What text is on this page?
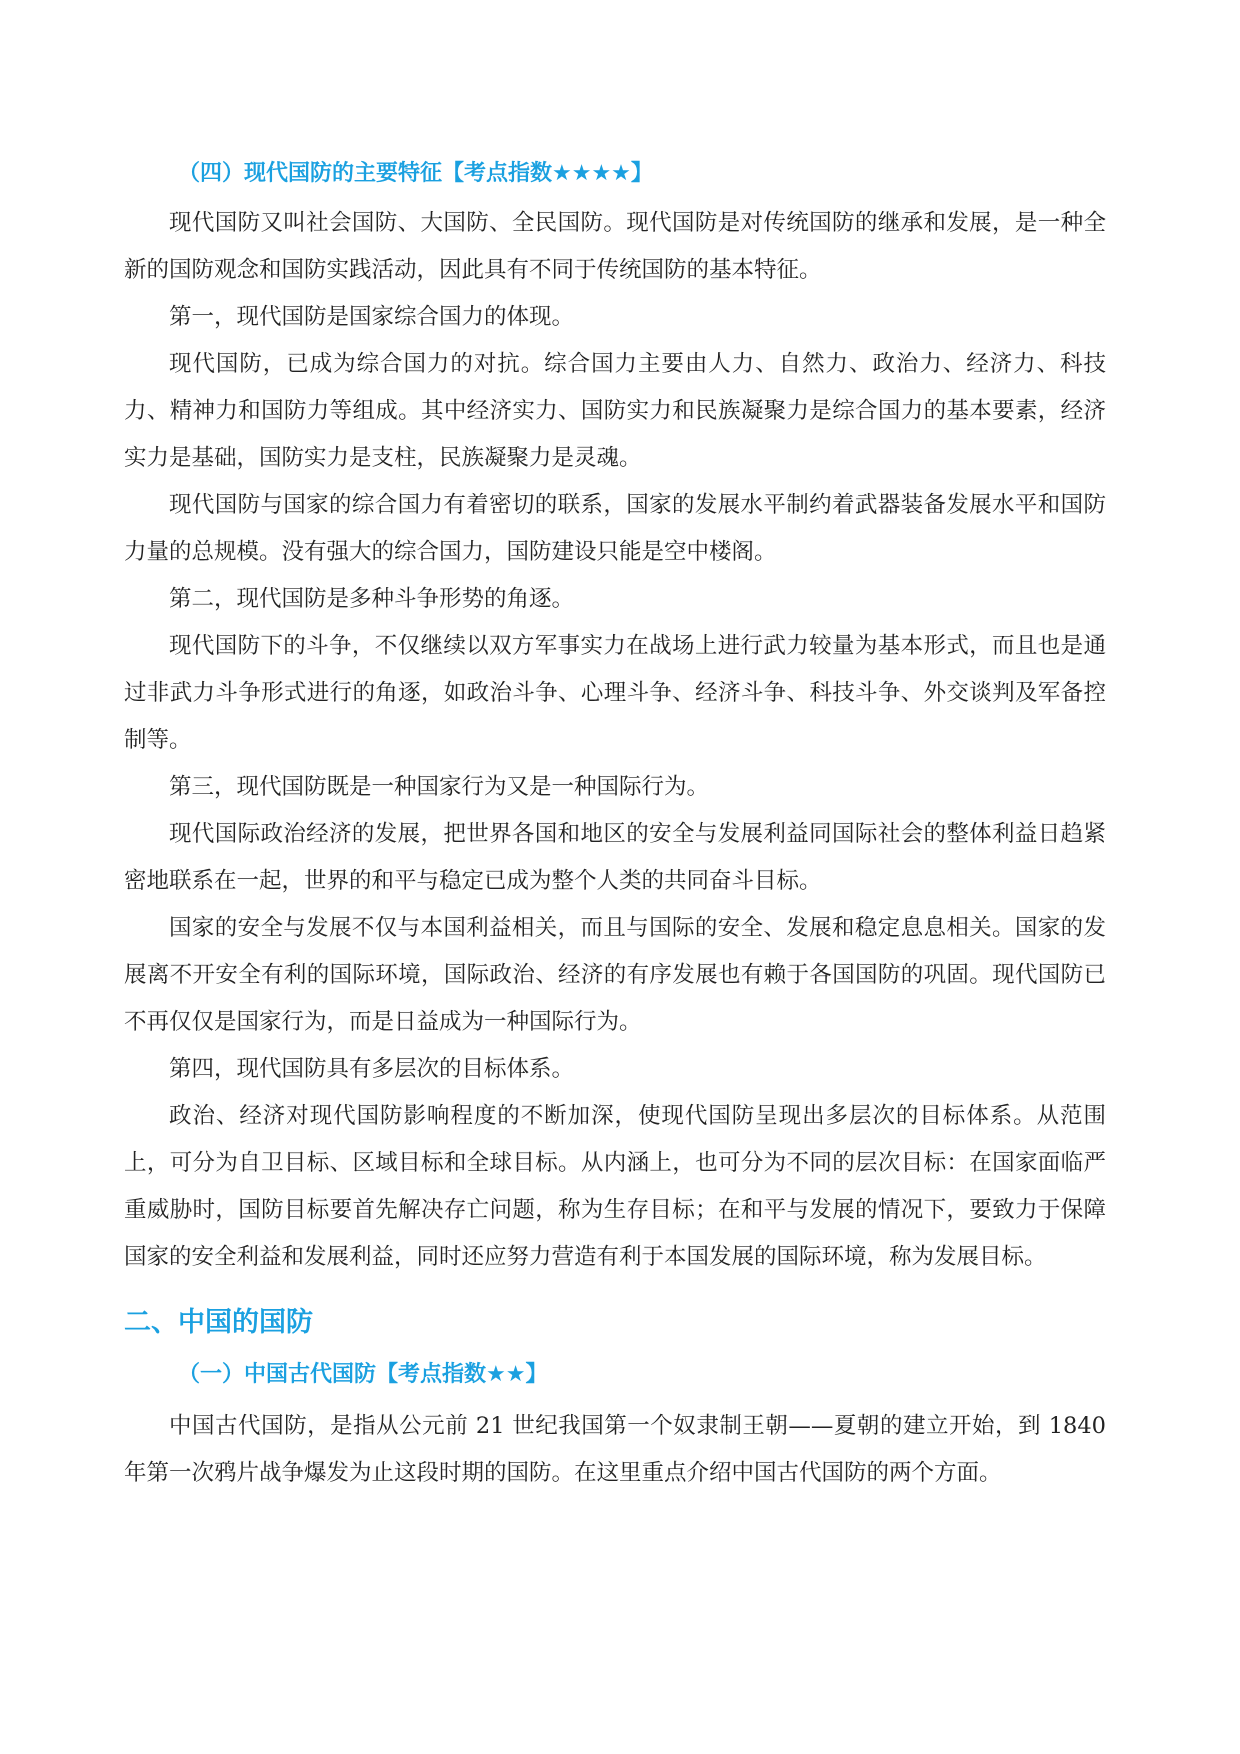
（四）现代国防的主要特征【考点指数★★★★】

现代国防又叫社会国防、大国防、全民国防。现代国防是对传统国防的继承和发展，是一种全新的国防观念和国防实践活动，因此具有不同于传统国防的基本特征。

第一，现代国防是国家综合国力的体现。

现代国防，已成为综合国力的对抗。综合国力主要由人力、自然力、政治力、经济力、科技力、精神力和国防力等组成。其中经济实力、国防实力和民族凝聚力是综合国力的基本要素，经济实力是基础，国防实力是支柱，民族凝聚力是灵魂。

现代国防与国家的综合国力有着密切的联系，国家的发展水平制约着武器装备发展水平和国防力量的总规模。没有强大的综合国力，国防建设只能是空中楼阁。

第二，现代国防是多种斗争形势的角逐。

现代国防下的斗争，不仅继续以双方军事实力在战场上进行武力较量为基本形式，而且也是通过非武力斗争形式进行的角逐，如政治斗争、心理斗争、经济斗争、科技斗争、外交谈判及军备控制等。

第三，现代国防既是一种国家行为又是一种国际行为。

现代国际政治经济的发展，把世界各国和地区的安全与发展利益同国际社会的整体利益日趋紧密地联系在一起，世界的和平与稳定已成为整个人类的共同奋斗目标。

国家的安全与发展不仅与本国利益相关，而且与国际的安全、发展和稳定息息相关。国家的发展离不开安全有利的国际环境，国际政治、经济的有序发展也有赖于各国国防的巩固。现代国防已不再仅仅是国家行为，而是日益成为一种国际行为。

第四，现代国防具有多层次的目标体系。

政治、经济对现代国防影响程度的不断加深，使现代国防呈现出多层次的目标体系。从范围上，可分为自卫目标、区域目标和全球目标。从内涵上，也可分为不同的层次目标：在国家面临严重威胁时，国防目标要首先解决存亡问题，称为生存目标；在和平与发展的情况下，要致力于保障国家的安全利益和发展利益，同时还应努力营造有利于本国发展的国际环境，称为发展目标。

二、中国的国防
（一）中国古代国防【考点指数★★】

中国古代国防，是指从公元前 21 世纪我国第一个奴隶制王朝——夏朝的建立开始，到 1840 年第一次鸦片战争爆发为止这段时期的国防。在这里重点介绍中国古代国防的两个方面。
